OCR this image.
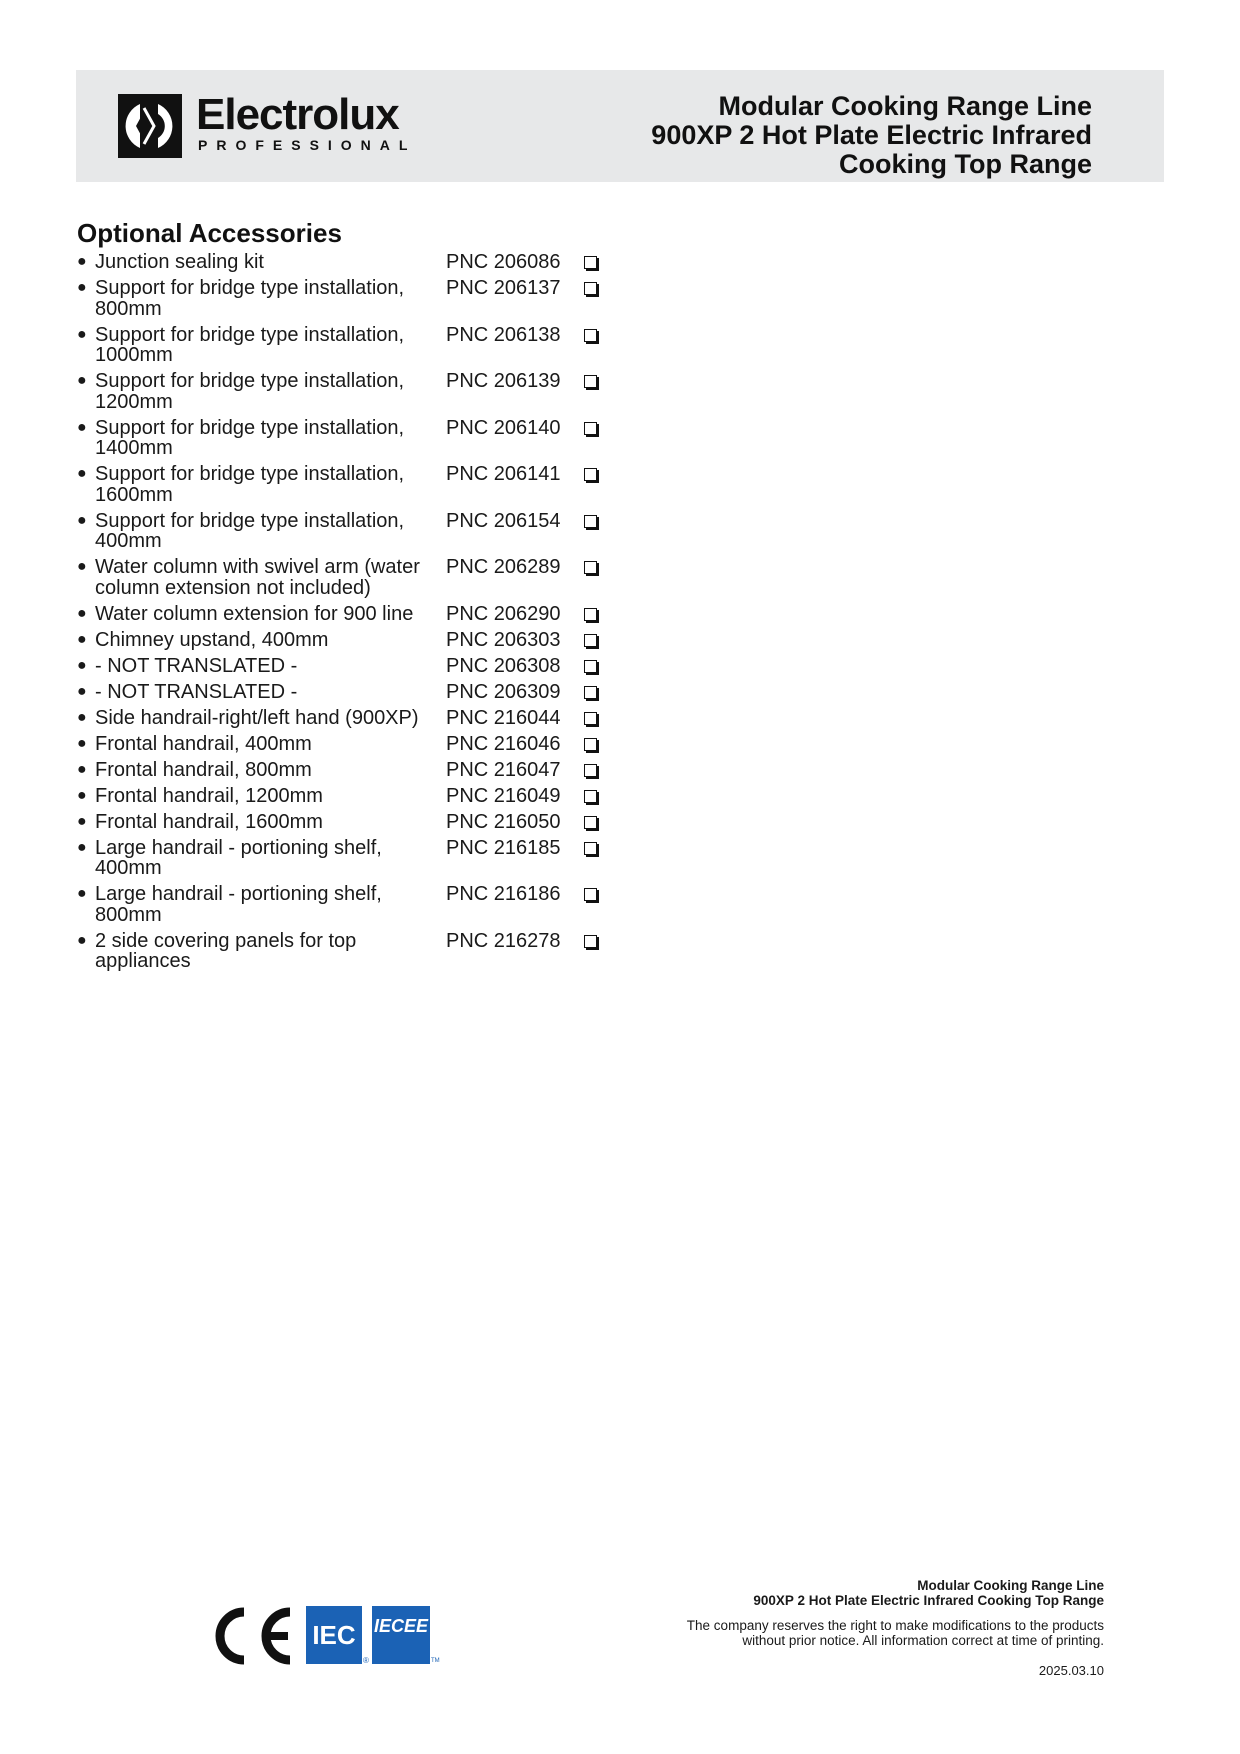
Electrolux
PROFESSIONAL
Modular Cooking Range Line
900XP 2 Hot Plate Electric Infrared
Cooking Top Range
Optional Accessories
● Junction sealing kit	PNC 206086
● Support for bridge type installation, 800mm
PNC 206137
● Support for bridge type installation, 1000mm
PNC 206138
● Support for bridge type installation, 1200mm
PNC 206139
● Support for bridge type installation, 1400mm
PNC 206140
● Support for bridge type installation, 1600mm
PNC 206141
● Support for bridge type installation, 400mm
PNC 206154
● Water column with swivel arm (water column extension not included)
PNC 206289
● Water column extension for 900 line	PNC 206290
● Chimney upstand, 400mm	PNC 206303
● - NOT TRANSLATED -	PNC 206308
● - NOT TRANSLATED -	PNC 206309
● Side handrail-right/left hand (900XP)	PNC 216044
● Frontal handrail, 400mm	PNC 216046
● Frontal handrail, 800mm	PNC 216047
● Frontal handrail, 1200mm	PNC 216049
● Frontal handrail, 1600mm	PNC 216050
● Large handrail - portioning shelf, 400mm
PNC 216185
● Large handrail - portioning shelf, 800mm
PNC 216186
● 2 side covering panels for top appliances
PNC 216278
IEC
®
IECEE
TM
Modular Cooking Range Line
900XP 2 Hot Plate Electric Infrared Cooking Top Range
The company reserves the right to make modifications to the products
without prior notice. All information correct at time of printing.
2025.03.10
